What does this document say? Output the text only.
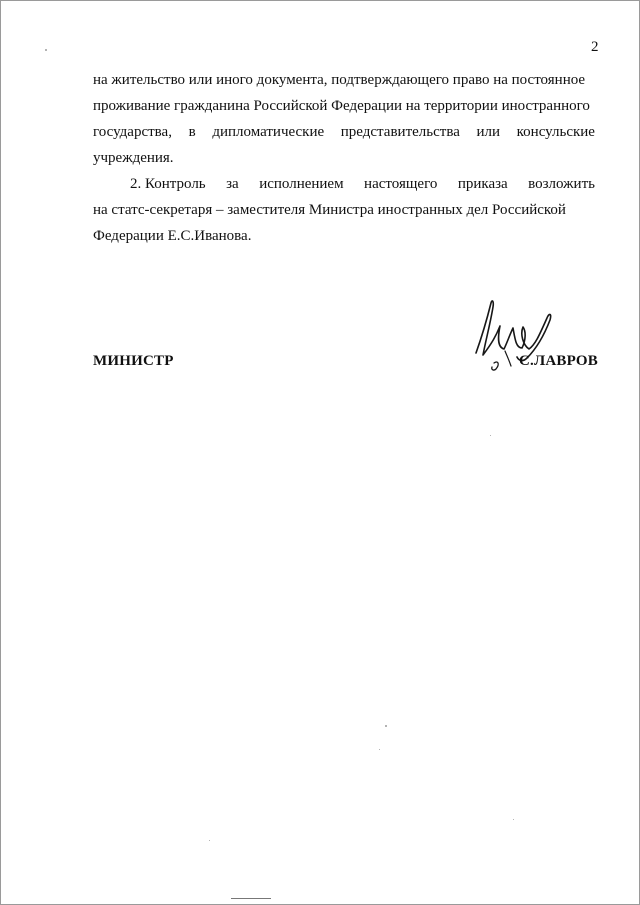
2
на жительство или иного документа, подтверждающего право на постоянное
проживание гражданина Российской Федерации на территории иностранного
государства, в дипломатические представительства или консульские
учреждения.
2. Контроль за исполнением настоящего приказа возложить
на статс-секретаря – заместителя Министра иностранных дел Российской
Федерации Е.С.Иванова.
МИНИСТР	С.ЛАВРОВ
